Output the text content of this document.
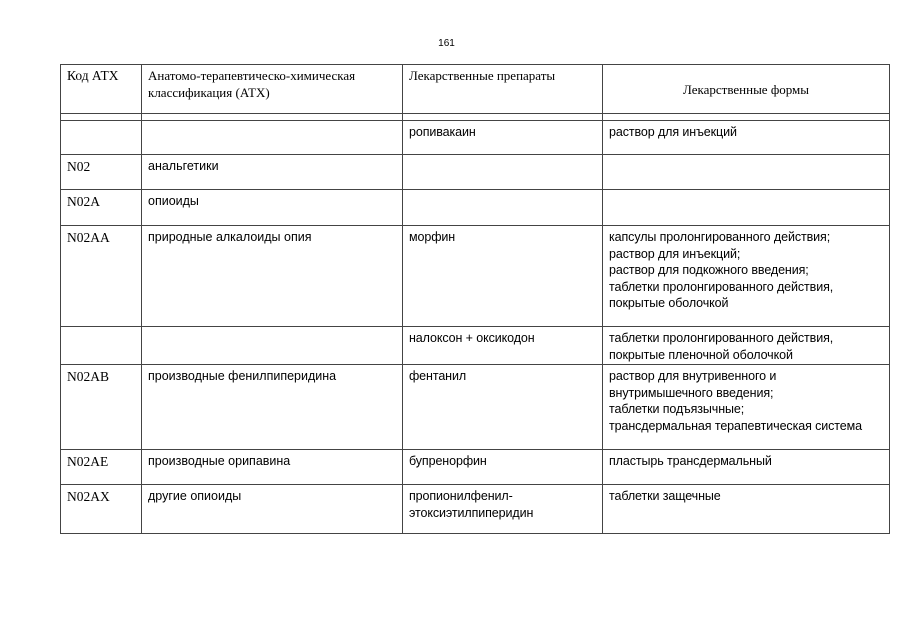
161
Код АТХ	Анатомо-терапевтическо-химическая классификация (АТХ)	Лекарственные препараты	Лекарственные формы

		ропивакаин	раствор для инъекций

N02	анальгетики		
N02A	опиоиды		
N02AA	природные алкалоиды опия	морфин	капсулы пролонгированного действия;
раствор для инъекций;
раствор для подкожного введения;
таблетки пролонгированного действия,
покрытые оболочкой

		налоксон + оксикодон	таблетки пролонгированного действия,
покрытые пленочной оболочкой

N02AB	производные фенилпиперидина	фентанил	раствор для внутривенного и
внутримышечного введения;
таблетки подъязычные;
трансдермальная терапевтическая система

N02AE	производные орипавина	бупренорфин	пластырь трансдермальный

N02AX	другие опиоиды	пропионилфенил-
этоксиэтилпиперидин	таблетки защечные
